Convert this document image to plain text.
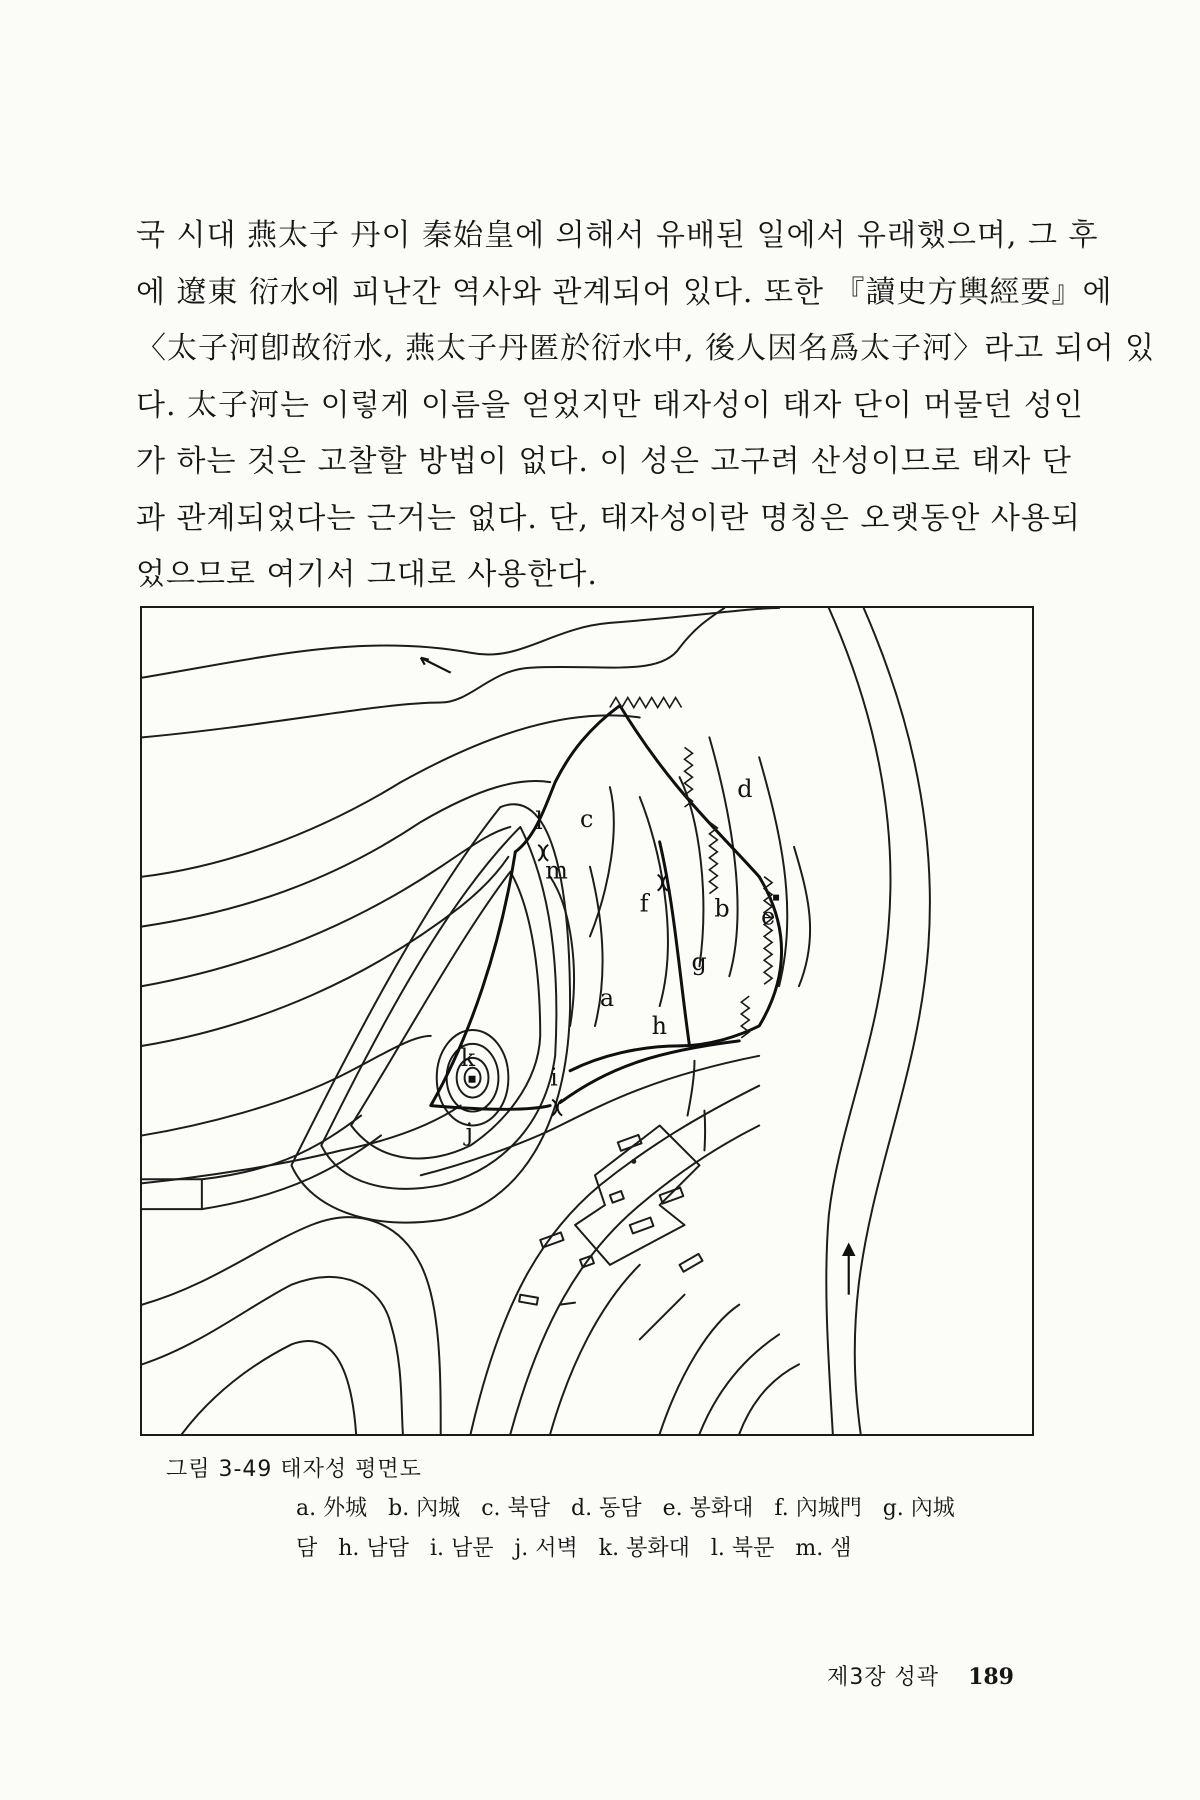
국 시대 燕太子 丹이 秦始皇에 의해서 유배된 일에서 유래했으며, 그 후
에 遼東 衍水에 피난간 역사와 관계되어 있다. 또한 『讀史方輿經要』에
〈太子河卽故衍水, 燕太子丹匿於衍水中, 後人因名爲太子河〉라고 되어 있
다. 太子河는 이렇게 이름을 얻었지만 태자성이 태자 단이 머물던 성인
가 하는 것은 고찰할 방법이 없다. 이 성은 고구려 산성이므로 태자 단
과 관계되었다는 근거는 없다. 단, 태자성이란 명칭은 오랫동안 사용되
었으므로 여기서 그대로 사용한다.
a
b
c
d
e
f
g
h
i
j
k
l
m
그림 3-49 태자성 평면도
a. 外城 b. 內城 c. 북담 d. 동담 e. 봉화대 f. 內城門 g. 內城
담 h. 남담 i. 남문 j. 서벽 k. 봉화대 l. 북문 m. 샘
제3장 성곽 189
